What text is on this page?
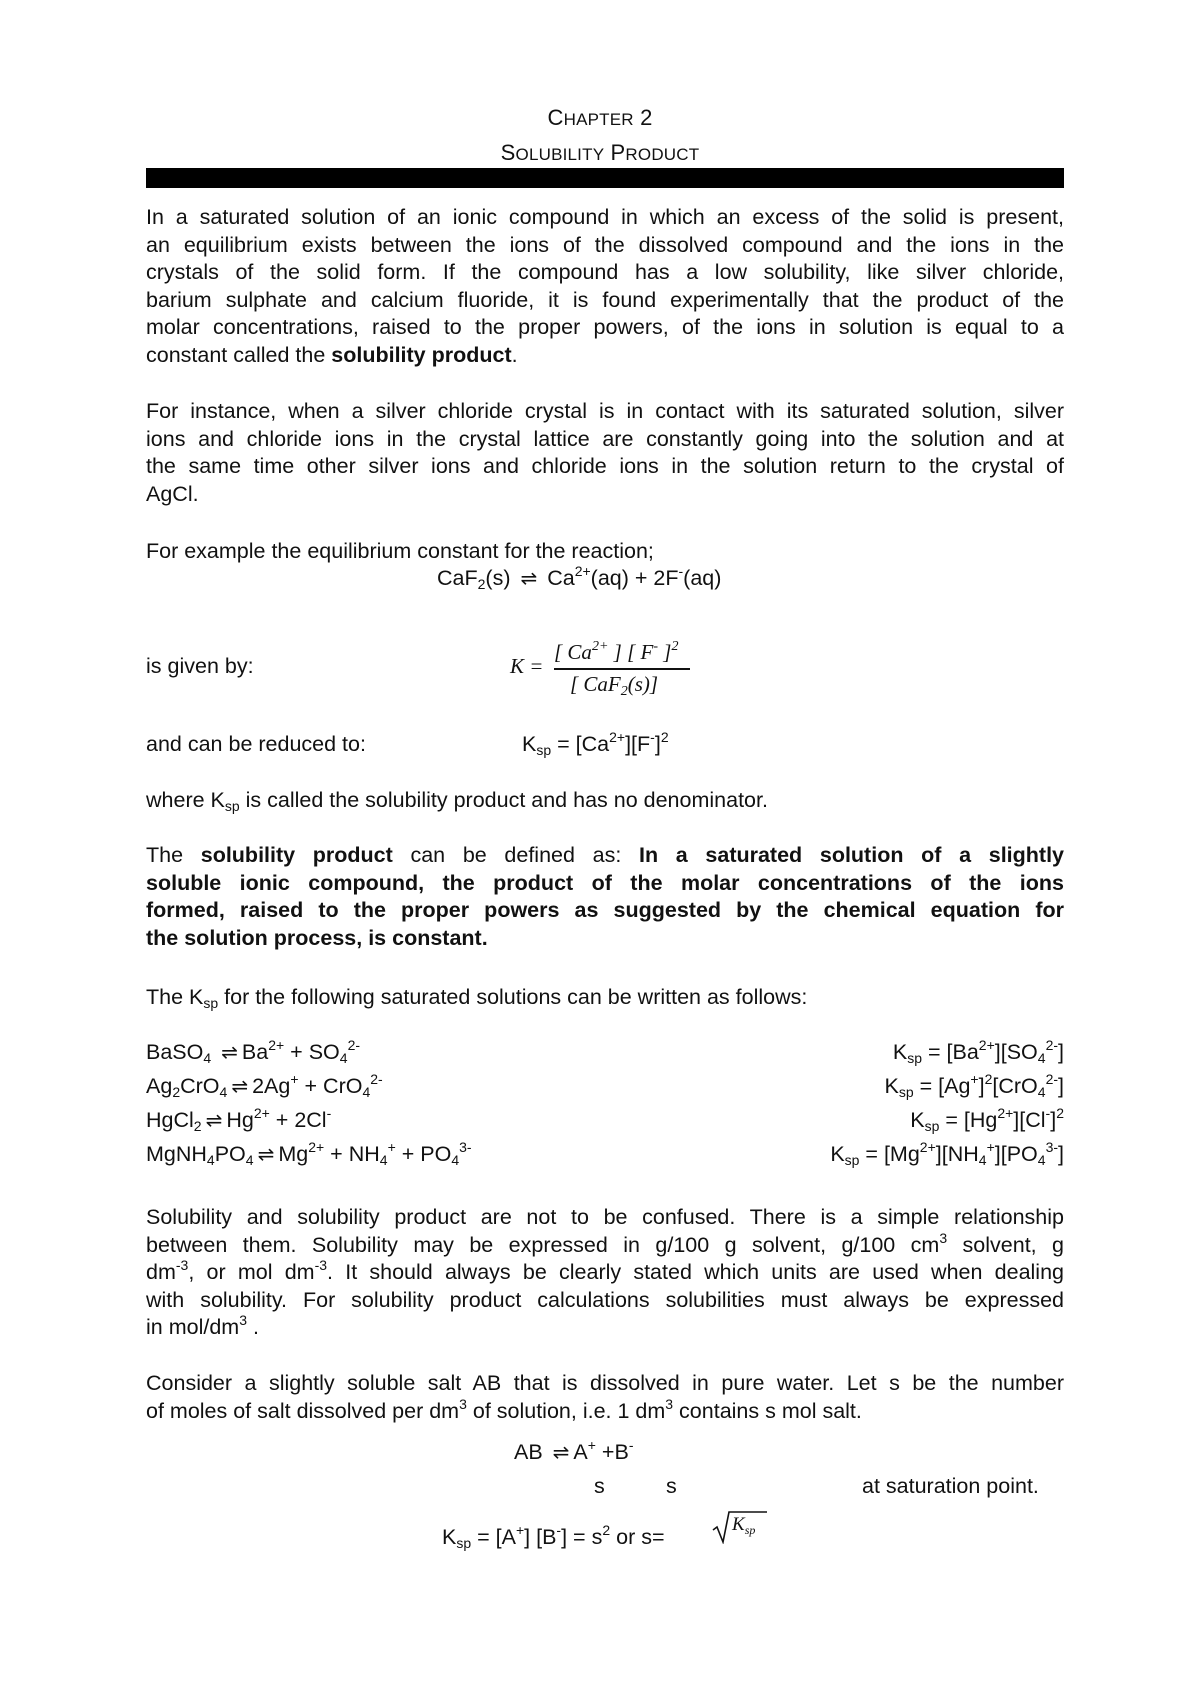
CHAPTER 2
SOLUBILITY PRODUCT
In a saturated solution of an ionic compound in which an excess of the solid is present,
an equilibrium exists between the ions of the dissolved compound and the ions in the
crystals of the solid form. If the compound has a low solubility, like silver chloride,
barium sulphate and calcium fluoride, it is found experimentally that the product of the
molar concentrations, raised to the proper powers, of the ions in solution is equal to a
constant called the solubility product.
For instance, when a silver chloride crystal is in contact with its saturated solution, silver
ions and chloride ions in the crystal lattice are constantly going into the solution and at
the same time other silver ions and chloride ions in the solution return to the crystal of
AgCl.
For example the equilibrium constant for the reaction;
CaF$_2$(s) ⇌ $Ca^{2+}(aq) + 2F^-(aq)$
is given by:	K =
[ $Ca^{2+}$ ] [ F- ]$^2$
[ CaF$_2$(s)]
and can be reduced to:	$K_{sp} = [Ca^{2+}][F^-]^2$
where $K_{sp}$ is called the solubility product and has no denominator.
The solubility product can be defined as: In a saturated solution of a slightly
soluble ionic compound, the product of the molar concentrations of the ions
formed, raised to the proper powers as suggested by the chemical equation for
the solution process, is constant.
The $K_{sp}$ for the following saturated solutions can be written as follows:
BaSO$_4$ ⇌ $Ba^{2+} + SO_4^{2-}$	$K_{sp} = [Ba^{2+}][SO_4^{2-}]$
$Ag_2CrO_4$ ⇌ 2Ag+ + CrO$_4^{2-}$	$K_{sp} = [Ag^+]^2[CrO_4^{2-}]$
HgCl$_2$ ⇌ $Hg^{2+} + 2Cl^-$	$K_{sp} = [Hg^{2+}][Cl^-]^2$
$MgNH_4PO_4$ ⇌ $Mg^{2+} + NH_4^+ + PO_4^{3-}$	$K_{sp} = [Mg^{2+}][NH_4^+][PO_4^{3-}]$
Solubility and solubility product are not to be confused. There is a simple relationship
between them. Solubility may be expressed in g/100 g solvent, g/100 $cm^3$ solvent, g
$dm^{-3}$, or mol $dm^{-3}$. It should always be clearly stated which units are used when dealing
with solubility. For solubility product calculations solubilities must always be expressed
in mol/$dm^3$ .
Consider a slightly soluble salt AB that is dissolved in pure water. Let s be the number
of moles of salt dissolved per $dm^3$ of solution, i.e. 1 $dm^3$ contains s mol salt.
AB ⇌ A+ +B-
s	s	at saturation point.
$K_{sp} = [A^+] [B^-] = s^2$ or s=
$K_{sp}$
